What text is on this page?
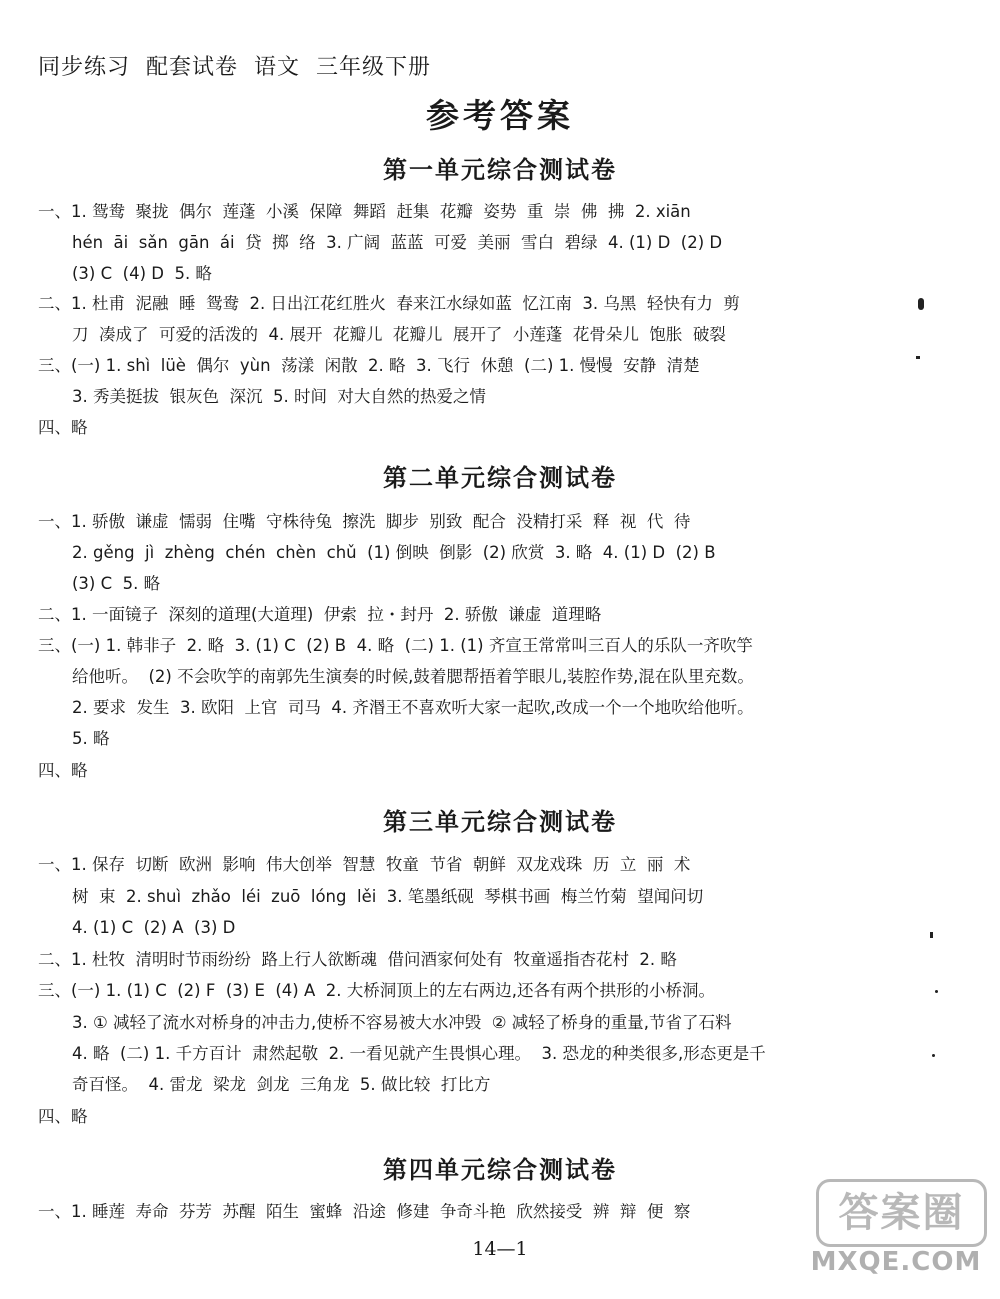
同步练习  配套试卷  语文  三年级下册
参考答案
第一单元综合测试卷
一、1. 鸳鸯  聚拢  偶尔  莲蓬  小溪  保障  舞蹈  赶集  花瓣  姿势  重  崇  佛  拂  2. xiān
hén  āi  sǎn  gān  ái  贷  掷  络  3. 广阔  蓝蓝  可爱  美丽  雪白  碧绿  4. (1) D  (2) D
(3) C  (4) D  5. 略
二、1. 杜甫  泥融  睡  鸳鸯  2. 日出江花红胜火  春来江水绿如蓝  忆江南  3. 乌黑  轻快有力  剪
刀  凑成了  可爱的活泼的  4. 展开  花瓣儿  花瓣儿  展开了  小莲蓬  花骨朵儿  饱胀  破裂
三、(一) 1. shì  lüè  偶尔  yùn  荡漾  闲散  2. 略  3. 飞行  休憩  (二) 1. 慢慢  安静  清楚
3. 秀美挺拔  银灰色  深沉  5. 时间  对大自然的热爱之情
四、略
第二单元综合测试卷
一、1. 骄傲  谦虚  懦弱  住嘴  守株待兔  擦洗  脚步  别致  配合  没精打采  释  视  代  待
2. gěng  jì  zhèng  chén  chèn  chǔ  (1) 倒映  倒影  (2) 欣赏  3. 略  4. (1) D  (2) B
(3) C  5. 略
二、1. 一面镜子  深刻的道理(大道理)  伊索  拉・封丹  2. 骄傲  谦虚  道理略
三、(一) 1. 韩非子  2. 略  3. (1) C  (2) B  4. 略  (二) 1. (1) 齐宣王常常叫三百人的乐队一齐吹竽
给他听。  (2) 不会吹竽的南郭先生演奏的时候,鼓着腮帮捂着竽眼儿,装腔作势,混在队里充数。
2. 要求  发生  3. 欧阳  上官  司马  4. 齐湣王不喜欢听大家一起吹,改成一个一个地吹给他听。
5. 略
四、略
第三单元综合测试卷
一、1. 保存  切断  欧洲  影响  伟大创举  智慧  牧童  节省  朝鲜  双龙戏珠  历  立  丽  术
树  束  2. shuì  zhǎo  léi  zuō  lóng  lěi  3. 笔墨纸砚  琴棋书画  梅兰竹菊  望闻问切
4. (1) C  (2) A  (3) D
二、1. 杜牧  清明时节雨纷纷  路上行人欲断魂  借问酒家何处有  牧童遥指杏花村  2. 略
三、(一) 1. (1) C  (2) F  (3) E  (4) A  2. 大桥洞顶上的左右两边,还各有两个拱形的小桥洞。
3. ① 减轻了流水对桥身的冲击力,使桥不容易被大水冲毁  ② 减轻了桥身的重量,节省了石料
4. 略  (二) 1. 千方百计  肃然起敬  2. 一看见就产生畏惧心理。  3. 恐龙的种类很多,形态更是千
奇百怪。  4. 雷龙  梁龙  剑龙  三角龙  5. 做比较  打比方
四、略
第四单元综合测试卷
一、1. 睡莲  寿命  芬芳  苏醒  陌生  蜜蜂  沿途  修建  争奇斗艳  欣然接受  辨  辩  便  察
14—1
答案圈
MXQE.COM
